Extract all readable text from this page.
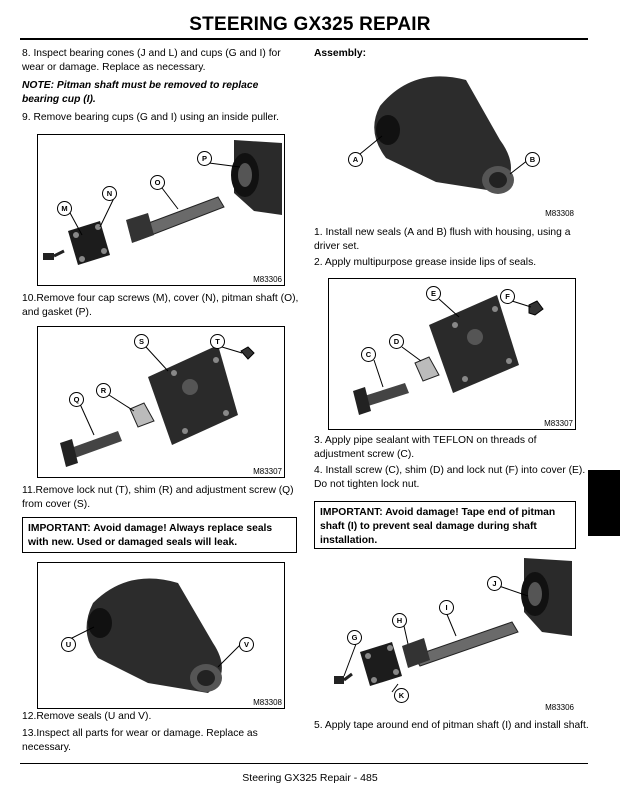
STEERING GX325 REPAIR
8. Inspect bearing cones (J and L) and cups (G and I) for wear or damage. Replace as necessary.
NOTE: Pitman shaft must be removed to replace bearing cup (I).
9. Remove bearing cups (G and I) using an inside puller.
P
O
N
M
M83306
10.Remove four cap screws (M), cover (N), pitman shaft (O), and gasket (P).
S	T
R
Q
M83307
11.Remove lock nut (T), shim (R) and adjustment screw (Q) from cover (S).
IMPORTANT: Avoid damage! Always replace seals with new. Used or damaged seals will leak.
U	V
M83308
12.Remove seals (U and V).
13.Inspect all parts for wear or damage. Replace as necessary.
Assembly:
A	B
M83308
1. Install new seals (A and B) flush with housing, using a driver set.
2. Apply multipurpose grease inside lips of seals.
E	F
D
C
M83307
3. Apply pipe sealant with TEFLON on threads of adjustment screw (C).
4. Install screw (C), shim (D) and lock nut (F) into cover (E). Do not tighten lock nut.
IMPORTANT: Avoid damage! Tape end of pitman shaft (I) to prevent seal damage during shaft installation.
J
I
H
G
K
M83306
5. Apply tape around end of pitman shaft (I) and install shaft.
Steering GX325 Repair - 485
